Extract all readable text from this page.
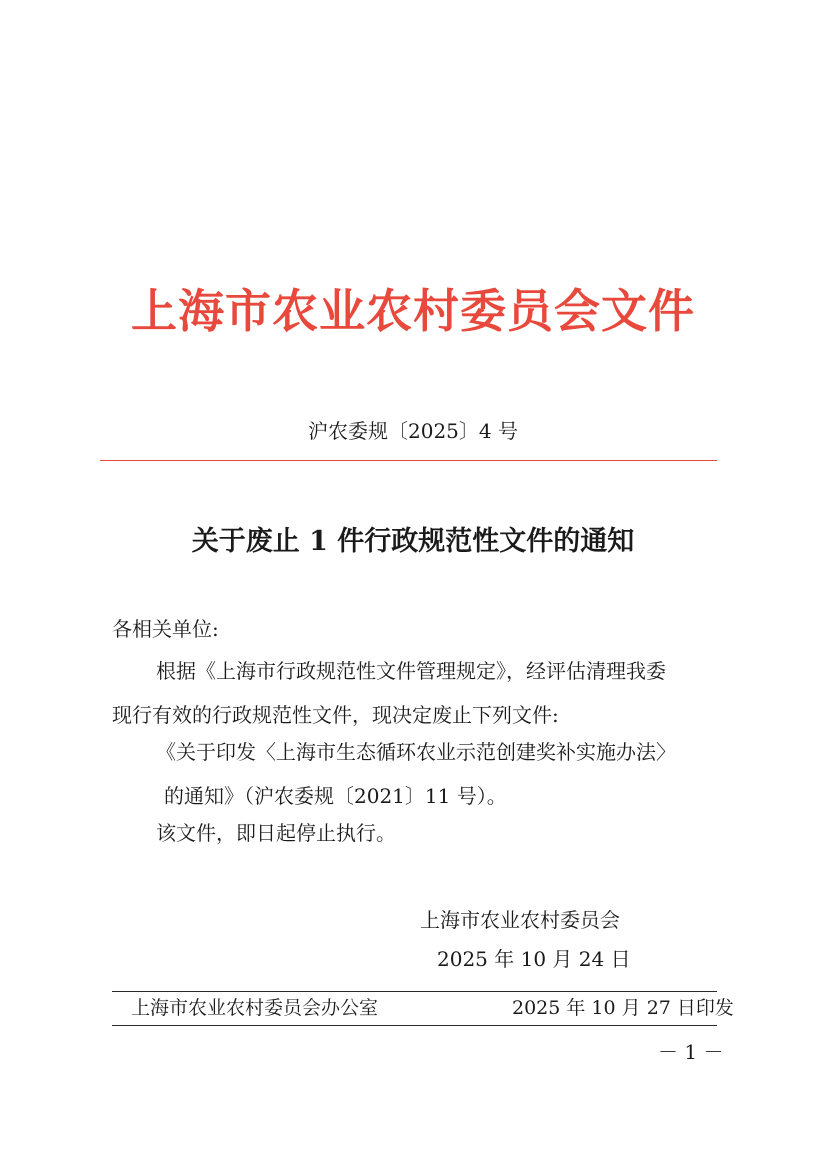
上海市农业农村委员会文件
沪农委规〔2025〕4 号
关于废止 1 件行政规范性文件的通知
各相关单位:
根据《上海市行政规范性文件管理规定》，经评估清理我委
现行有效的行政规范性文件，现决定废止下列文件:
《关于印发〈上海市生态循环农业示范创建奖补实施办法〉
的通知》（沪农委规〔2021〕11 号）。
该文件，即日起停止执行。
上海市农业农村委员会
2025 年 10 月 24 日
上海市农业农村委员会办公室	2025 年 10 月 27 日印发
－ 1 －
